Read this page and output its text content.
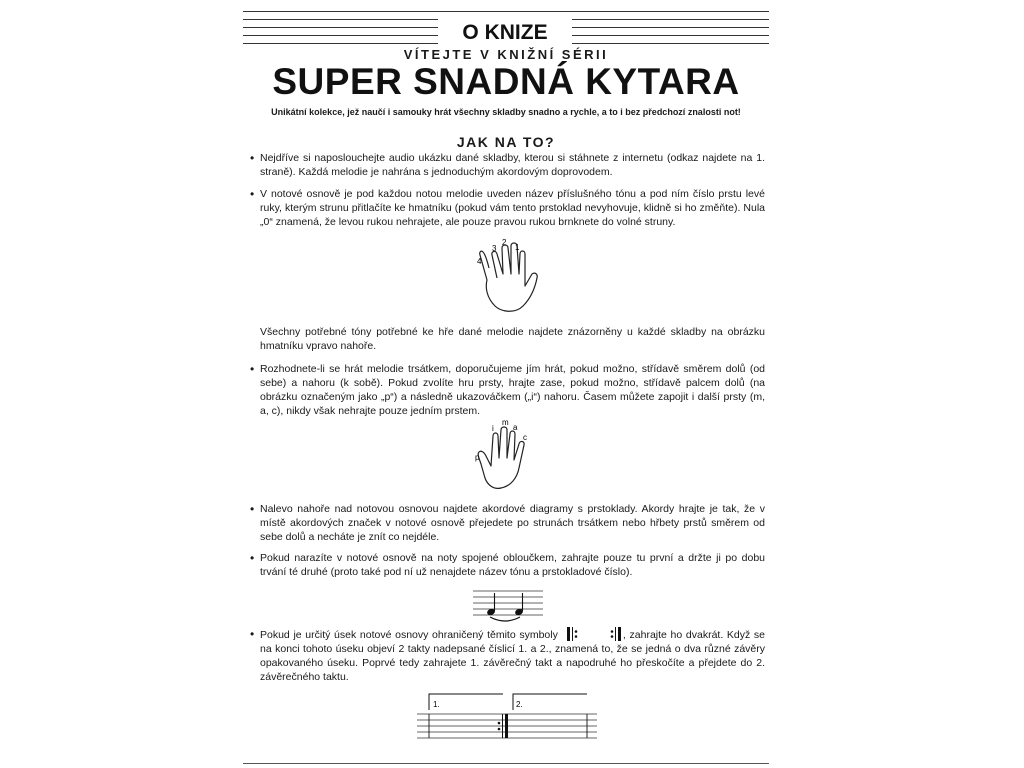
O KNIZE
VÍTEJTE V KNIŽNÍ SÉRII
SUPER SNADNÁ KYTARA
Unikátní kolekce, jež naučí i samouky hrát všechny skladby snadno a rychle, a to i bez předchozí znalosti not!
JAK NA TO?
• Nejdříve si naposlouchejte audio ukázku dané skladby, kterou si stáhnete z internetu (odkaz najdete na 1. straně). Každá melodie je nahrána s jednoduchým akordovým doprovodem.
• V notové osnově je pod každou notou melodie uveden název příslušného tónu a pod ním číslo prstu levé ruky, kterým strunu přitlačíte ke hmatníku (pokud vám tento prstoklad nevyhovuje, klidně si ho změňte). Nula „0“ znamená, že levou rukou nehrajete, ale pouze pravou rukou brnknete do volné struny.
4
3
2
1
Všechny potřebné tóny potřebné ke hře dané melodie najdete znázorněny u každé skladby na obrázku hmatníku vpravo nahoře.
• Rozhodnete-li se hrát melodie trsátkem, doporučujeme jím hrát, pokud možno, střídavě směrem dolů (od sebe) a nahoru (k sobě). Pokud zvolíte hru prsty, hrajte zase, pokud možno, střídavě palcem dolů (na obrázku označeným jako „p“) a následně ukazováčkem („i“) nahoru. Časem můžete zapojit i další prsty (m, a, c), nikdy však nehrajte pouze jedním prstem.
p
i
m
a
c
• Nalevo nahoře nad notovou osnovou najdete akordové diagramy s prstoklady. Akordy hrajte je tak, že v místě akordových značek v notové osnově přejedete po strunách trsátkem nebo hřbety prstů směrem od sebe dolů a necháte je znít co nejdéle.
• Pokud narazíte v notové osnově na noty spojené obloučkem, zahrajte pouze tu první a držte ji po dobu trvání té druhé (proto také pod ní už nenajdete název tónu a prstokladové číslo).
• Pokud je určitý úsek notové osnovy ohraničený těmito symboly	, zahrajte ho dvakrát. Když se na konci tohoto úseku objeví 2 takty nadepsané číslicí 1. a 2., znamená to, že se jedná o dva různé závěry opakovaného úseku. Poprvé tedy zahrajete 1. závěrečný takt a napodruhé ho přeskočíte a přejdete do 2. závěrečného taktu.
1.	2.
